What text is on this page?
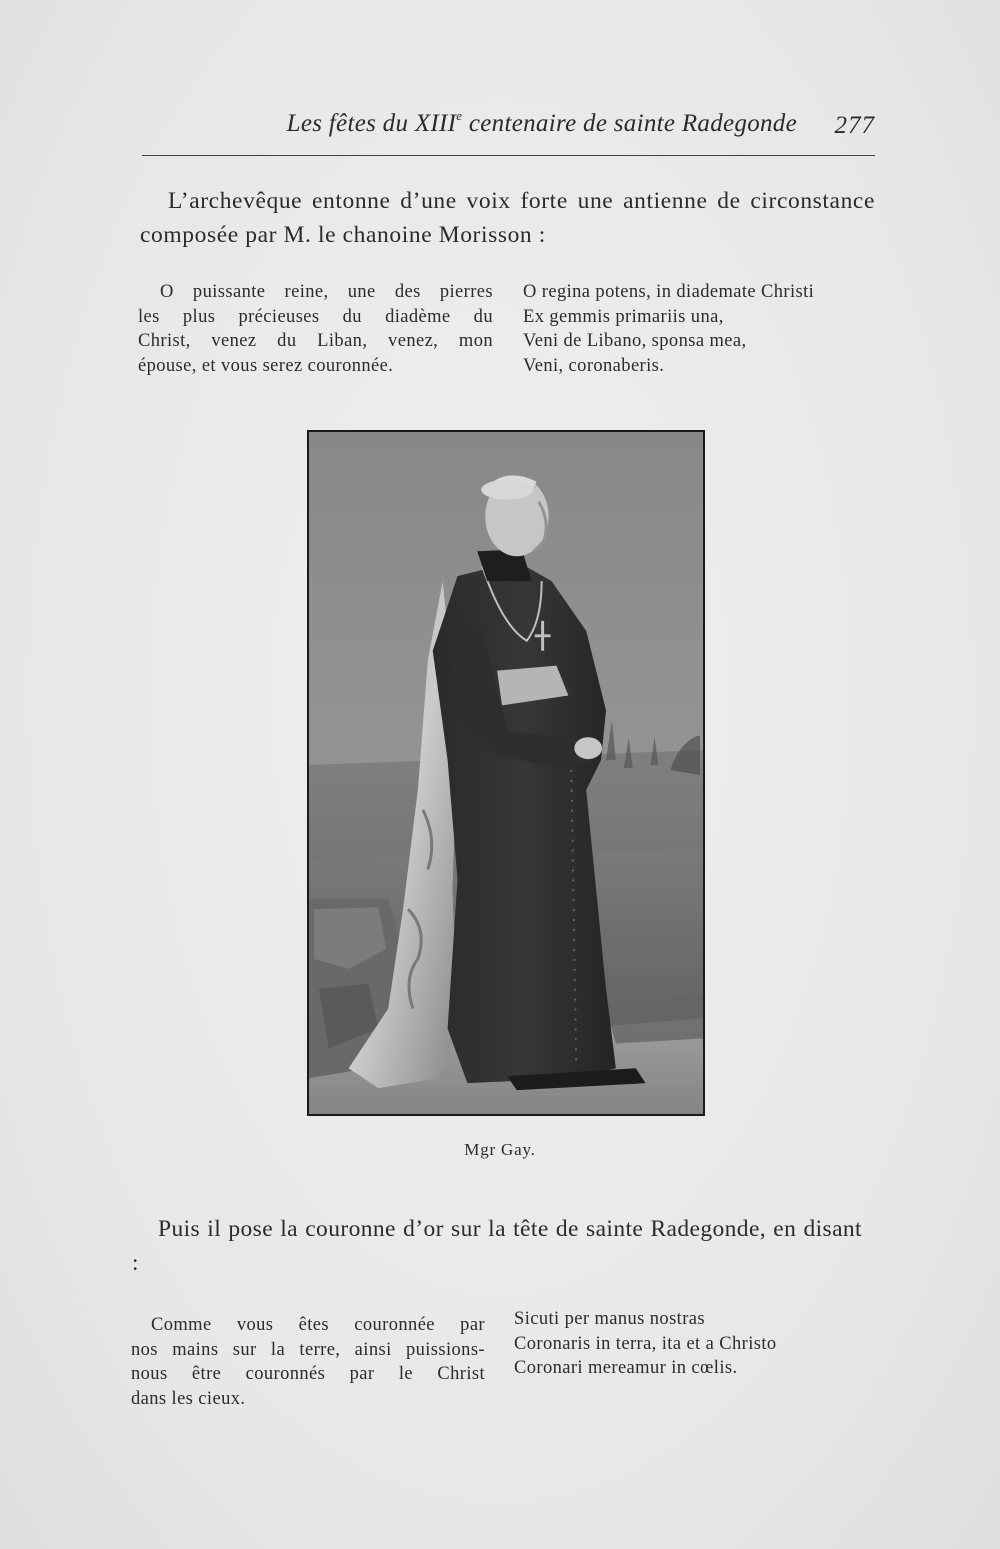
Les fêtes du XIIIe centenaire de sainte Radegonde 277

L’archevêque entonne d’une voix forte une antienne de circonstance composée par M. le chanoine Morisson :

O puissante reine, une des pierres
les plus précieuses du diadème du
Christ, venez du Liban, venez, mon
épouse, et vous serez couronnée.
O regina potens, in diademate Christi
Ex gemmis primariis una,
Veni de Libano, sponsa mea,
Veni, coronaberis.
Mgr Gay.

Puis il pose la couronne d’or sur la tête de sainte Radegonde, en disant :

Comme vous êtes couronnée par
nos mains sur la terre, ainsi puissions-
nous être couronnés par le Christ
dans les cieux.
Sicuti per manus nostras
Coronaris in terra, ita et a Christo
Coronari mereamur in cœlis.
